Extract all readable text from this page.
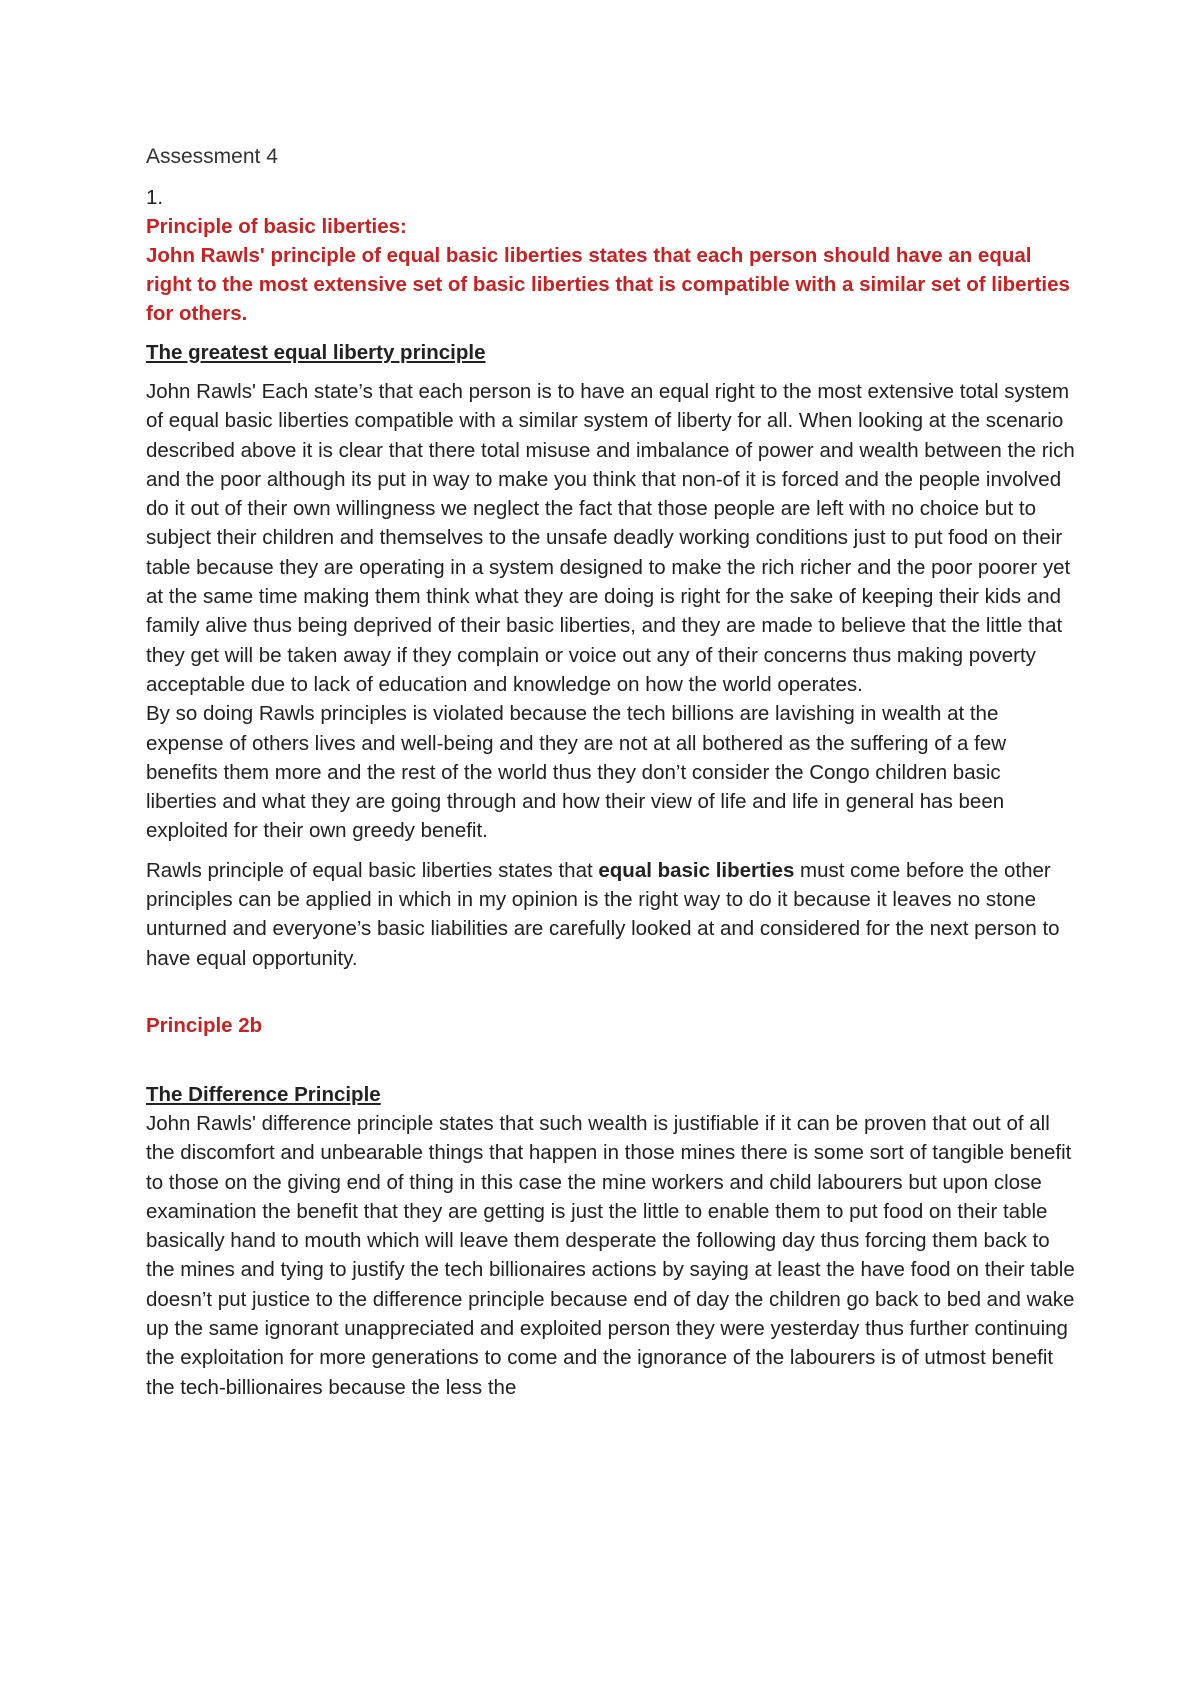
Assessment 4

1.

Principle of basic liberties:

John Rawls' principle of equal basic liberties states that each person should have an equal right to the most extensive set of basic liberties that is compatible with a similar set of liberties for others.

The greatest equal liberty principle

John Rawls' Each state’s that each person is to have an equal right to the most extensive total system of equal basic liberties compatible with a similar system of liberty for all. When looking at the scenario described above it is clear that there total misuse and imbalance of power and wealth between the rich and the poor although its put in way to make you think that non-of it is forced and the people involved do it out of their own willingness we neglect the fact that those people are left with no choice but to subject their children and themselves to the unsafe deadly working conditions just to put food on their table because they are operating in a system designed to make the rich richer and the poor poorer yet at the same time making them think what they are doing is right for the sake of keeping their kids and family alive thus being deprived of their basic liberties, and they are made to believe that the little that they get will be taken away if they complain or voice out any of their concerns thus making poverty acceptable due to lack of education and knowledge on how the world operates.

By so doing Rawls principles is violated because the tech billions are lavishing in wealth at the expense of others lives and well-being and they are not at all bothered as the suffering of a few benefits them more and the rest of the world thus they don’t consider the Congo children basic liberties and what they are going through and how their view of life and life in general has been exploited for their own greedy benefit.

Rawls principle of equal basic liberties states that equal basic liberties must come before the other principles can be applied in which in my opinion is the right way to do it because it leaves no stone unturned and everyone’s basic liabilities are carefully looked at and considered for the next person to have equal opportunity.

Principle 2b

The Difference Principle

John Rawls' difference principle states that such wealth is justifiable if it can be proven that out of all the discomfort and unbearable things that happen in those mines there is some sort of tangible benefit to those on the giving end of thing in this case the mine workers and child labourers but upon close examination the benefit that they are getting is just the little to enable them to put food on their table basically hand to mouth which will leave them desperate the following day thus forcing them back to the mines and tying to justify the tech billionaires actions by saying at least the have food on their table doesn’t put justice to the difference principle because end of day the children go back to bed and wake up the same ignorant unappreciated and exploited person they were yesterday thus further continuing the exploitation for more generations to come and the ignorance of the labourers is of utmost benefit the tech-billionaires because the less the
